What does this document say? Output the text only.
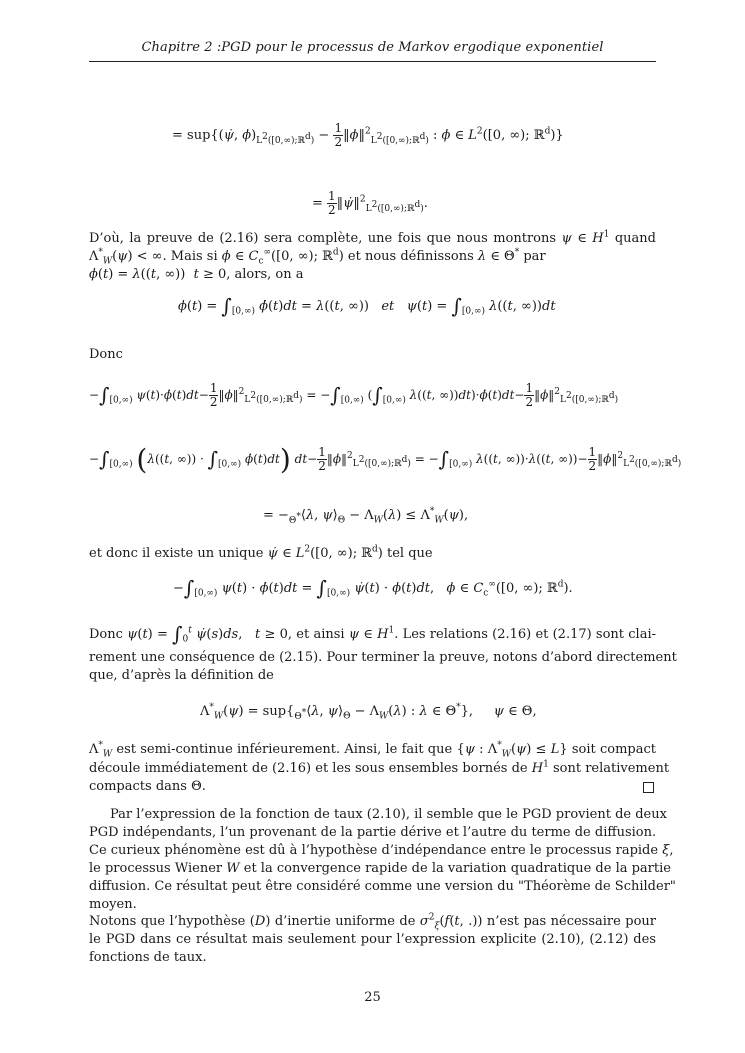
Chapitre 2 :PGD pour le processus de Markov ergodique exponentiel
= sup{(ψ̇, $\phi)_{L^2([0,\infty);ℝ^d)} - \frac{1}{2}$ ‖ϕ‖$^2_{L^2([0,\infty);ℝ^d)}$ : ϕ ∈ $L^2([0$, ∞); ℝ$^d$)}
= $\frac{1}{2}$ ‖ψ̇‖$^2_{L^2([0,\infty);ℝ^d)}$.
D’où, la preuve de (2.16) sera complète, une fois que nous montrons ψ ∈ $H^1$ quand
$\Lambda^*_W(\psi)$ < ∞. Mais si ϕ ∈ $C_c^\infty([0$, ∞); ℝ$^d$) et nous définissons λ ∈ Θ* par
ϕ(t) = λ((t, ∞))  t ≥ 0, alors, on a
$\phi(t) = \int_{[0,\infty)}$ ϕ̇(t)dt = λ((t, ∞))   et $\psi(t) = \int_{[0,\infty)}$ λ((t, ∞))dt
Donc
$-\int_{[0,\infty)}$ ψ(t)·ϕ̇(t)dt− $\frac{1}{2}$ ‖ϕ‖$^2_{L^2([0,\infty);ℝ^d)}$ = $-\int_{[0,\infty)}$ ($\int_{[0,\infty)}$ λ((t, ∞))dt)·ϕ̇(t)dt− $\frac{1}{2}$ ‖ϕ‖$^2_{L^2([0,\infty);ℝ^d)}$
$-\int_{[0,\infty)}$ (λ((t, ∞)) · $\int_{[0,\infty)}$ ϕ̇(t)dt) $dt- \frac{1}{2}$ ‖ϕ‖$^2_{L^2([0,\infty);ℝ^d)}$ = $-\int_{[0,\infty)}$ λ((t, ∞))·λ((t, ∞))− $\frac{1}{2}$ ‖ϕ‖$^2_{L^2([0,\infty);ℝ^d)}$
= $-_{\Theta^*}⟨\lambda$, $\psi⟩_\Theta - \Lambda_W(\lambda) \le \Lambda^*_W(\psi)$,
et donc il existe un unique ψ̇ ∈ $L^2([0$, ∞); ℝ$^d$) tel que
$-\int_{[0,\infty)}$ ψ(t) · ϕ̇(t)dt = $\int_{[0,\infty)}$ ψ̇(t) · ϕ(t)dt,   ϕ ∈ $C_c^\infty([0$, ∞); ℝ$^d$).
Donc $\psi(t) = \int_0^t$ ψ̇(s)ds,   t ≥ 0, et ainsi ψ ∈ $H^1$. Les relations (2.16) et (2.17) sont clai-
rement une conséquence de (2.15). Pour terminer la preuve, notons d’abord directement
que, d’après la définition de
$\Lambda^*_W(\psi)$ = $sup\{_{\Theta^*}⟨\lambda$, $\psi⟩_\Theta - \Lambda_W(\lambda)$ : λ ∈ Θ*},     ψ ∈ Θ,
$\Lambda^*_W$ est semi-continue inférieurement. Ainsi, le fait que {ψ : $\Lambda^*_W(\psi) \le L$} soit compact
découle immédiatement de (2.16) et les sous ensembles bornés de $H^1$ sont relativement
compacts dans Θ.
Par l’expression de la fonction de taux (2.10), il semble que le PGD provient de deux
PGD indépendants, l’un provenant de la partie dérive et l’autre du terme de diffusion.
Ce curieux phénomène est dû à l’hypothèse d’indépendance entre le processus rapide ξ,
le processus Wiener W et la convergence rapide de la variation quadratique de la partie
diffusion. Ce résultat peut être considéré comme une version du "Théorème de Schilder"
moyen.
Notons que l’hypothèse (D) d’inertie uniforme de $\sigma^2_\xi(f(t$, .)) n’est pas nécessaire pour
le PGD dans ce résultat mais seulement pour l’expression explicite (2.10), (2.12) des
fonctions de taux.
25
